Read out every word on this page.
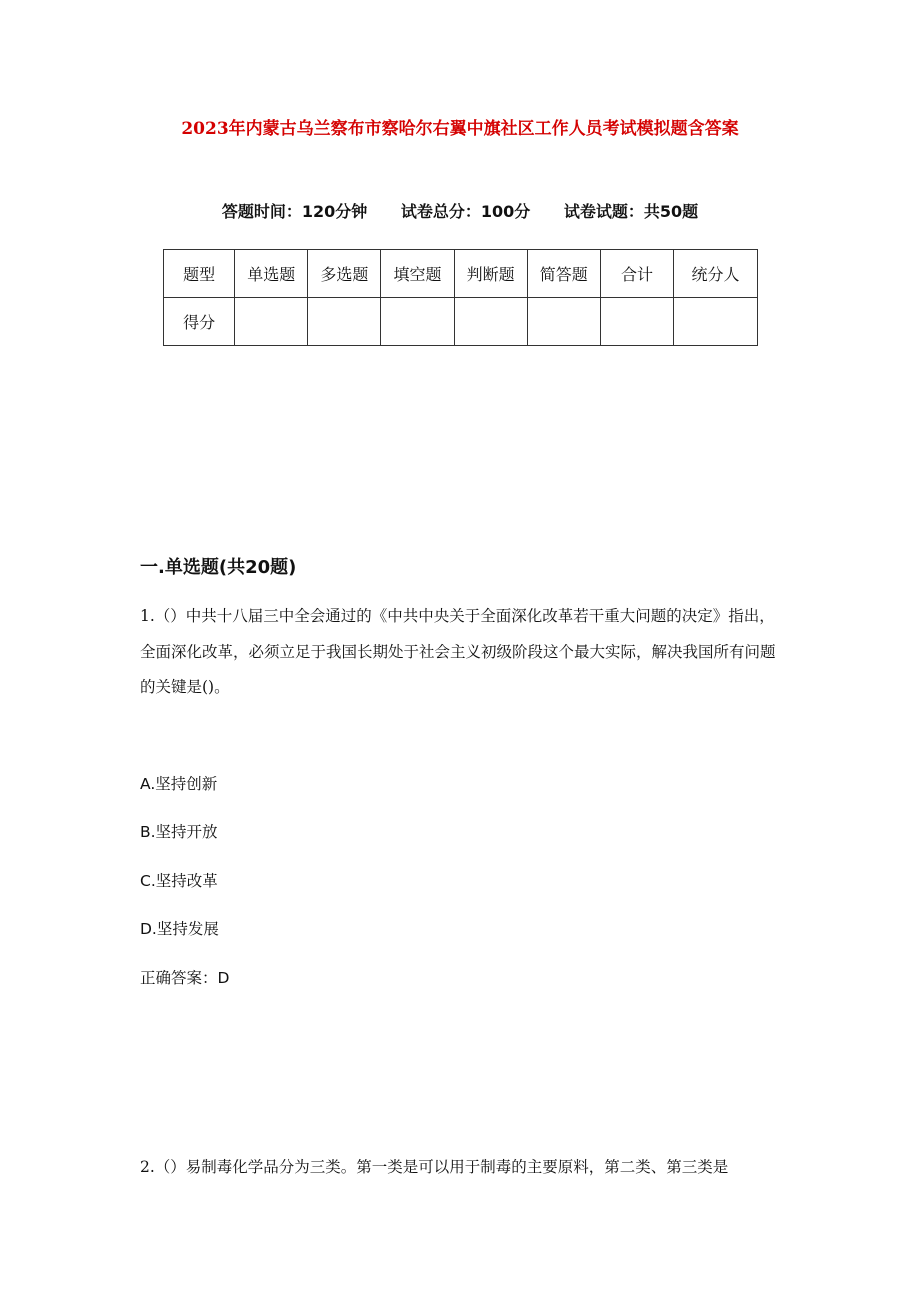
2023年内蒙古乌兰察布市察哈尔右翼中旗社区工作人员考试模拟题含答案
答题时间：120分钟 试卷总分：100分 试卷试题：共50题
题型	单选题	多选题	填空题	判断题	简答题	合计	统分人
得分							
一.单选题(共20题)
1.（）中共十八届三中全会通过的《中共中央关于全面深化改革若干重大问题的决定》指出，全面深化改革，必须立足于我国长期处于社会主义初级阶段这个最大实际，解决我国所有问题的关键是()。
A.坚持创新
B.坚持开放
C.坚持改革
D.坚持发展
正确答案：D
2.（）易制毒化学品分为三类。第一类是可以用于制毒的主要原料，第二类、第三类是
